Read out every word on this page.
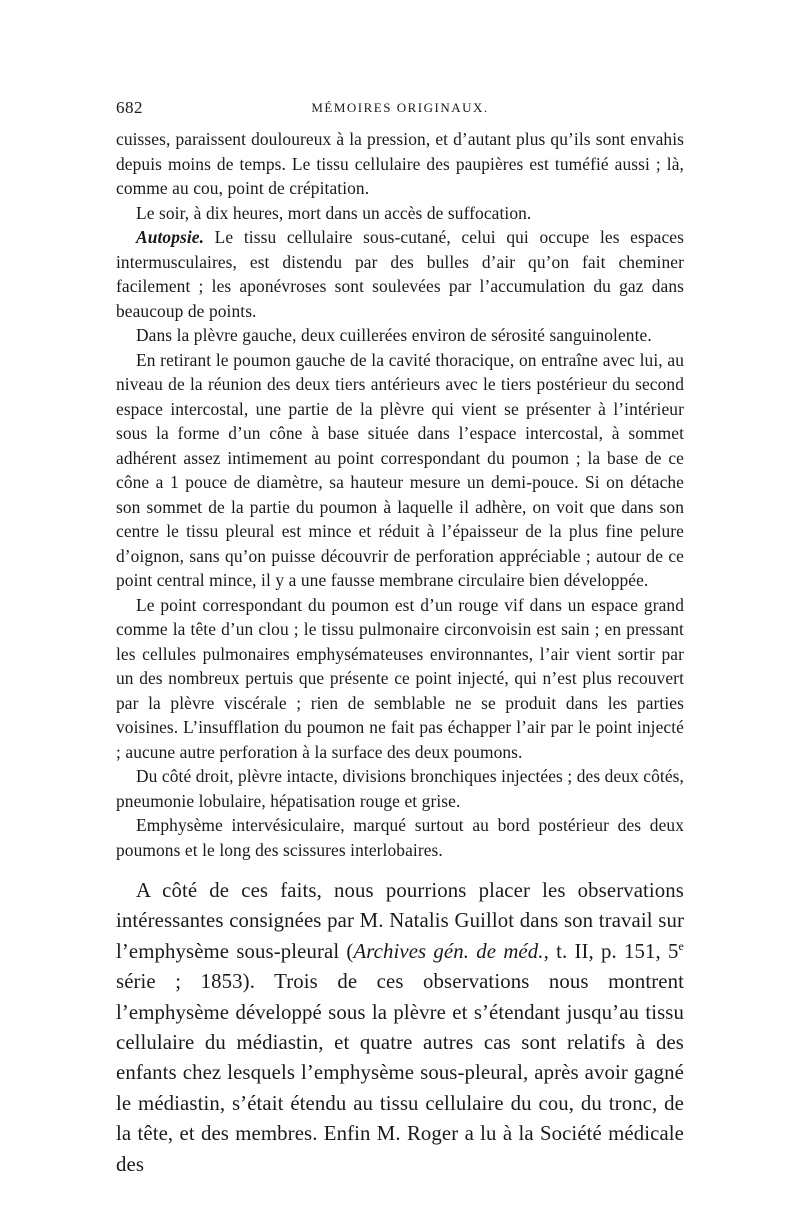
682	MÉMOIRES ORIGINAUX.

cuisses, paraissent douloureux à la pression, et d’autant plus qu’ils sont envahis depuis moins de temps. Le tissu cellulaire des paupières est tuméfié aussi ; là, comme au cou, point de crépitation.

Le soir, à dix heures, mort dans un accès de suffocation.

Autopsie. Le tissu cellulaire sous-cutané, celui qui occupe les espaces intermusculaires, est distendu par des bulles d’air qu’on fait cheminer facilement ; les aponévroses sont soulevées par l’accumulation du gaz dans beaucoup de points.

Dans la plèvre gauche, deux cuillerées environ de sérosité sanguinolente.

En retirant le poumon gauche de la cavité thoracique, on entraîne avec lui, au niveau de la réunion des deux tiers antérieurs avec le tiers postérieur du second espace intercostal, une partie de la plèvre qui vient se présenter à l’intérieur sous la forme d’un cône à base située dans l’espace intercostal, à sommet adhérent assez intimement au point correspondant du poumon ; la base de ce cône a 1 pouce de diamètre, sa hauteur mesure un demi-pouce. Si on détache son sommet de la partie du poumon à laquelle il adhère, on voit que dans son centre le tissu pleural est mince et réduit à l’épaisseur de la plus fine pelure d’oignon, sans qu’on puisse découvrir de perforation appréciable ; autour de ce point central mince, il y a une fausse membrane circulaire bien développée.

Le point correspondant du poumon est d’un rouge vif dans un espace grand comme la tête d’un clou ; le tissu pulmonaire circonvoisin est sain ; en pressant les cellules pulmonaires emphysémateuses environnantes, l’air vient sortir par un des nombreux pertuis que présente ce point injecté, qui n’est plus recouvert par la plèvre viscérale ; rien de semblable ne se produit dans les parties voisines. L’insufflation du poumon ne fait pas échapper l’air par le point injecté ; aucune autre perforation à la surface des deux poumons.

Du côté droit, plèvre intacte, divisions bronchiques injectées ; des deux côtés, pneumonie lobulaire, hépatisation rouge et grise.

Emphysème intervésiculaire, marqué surtout au bord postérieur des deux poumons et le long des scissures interlobaires.

A côté de ces faits, nous pourrions placer les observations intéressantes consignées par M. Natalis Guillot dans son travail sur l’emphysème sous-pleural (Archives gén. de méd., t. II, p. 151, 5e série ; 1853). Trois de ces observations nous montrent l’emphysème développé sous la plèvre et s’étendant jusqu’au tissu cellulaire du médiastin, et quatre autres cas sont relatifs à des enfants chez lesquels l’emphysème sous-pleural, après avoir gagné le médiastin, s’était étendu au tissu cellulaire du cou, du tronc, de la tête, et des membres. Enfin M. Roger a lu à la Société médicale des
